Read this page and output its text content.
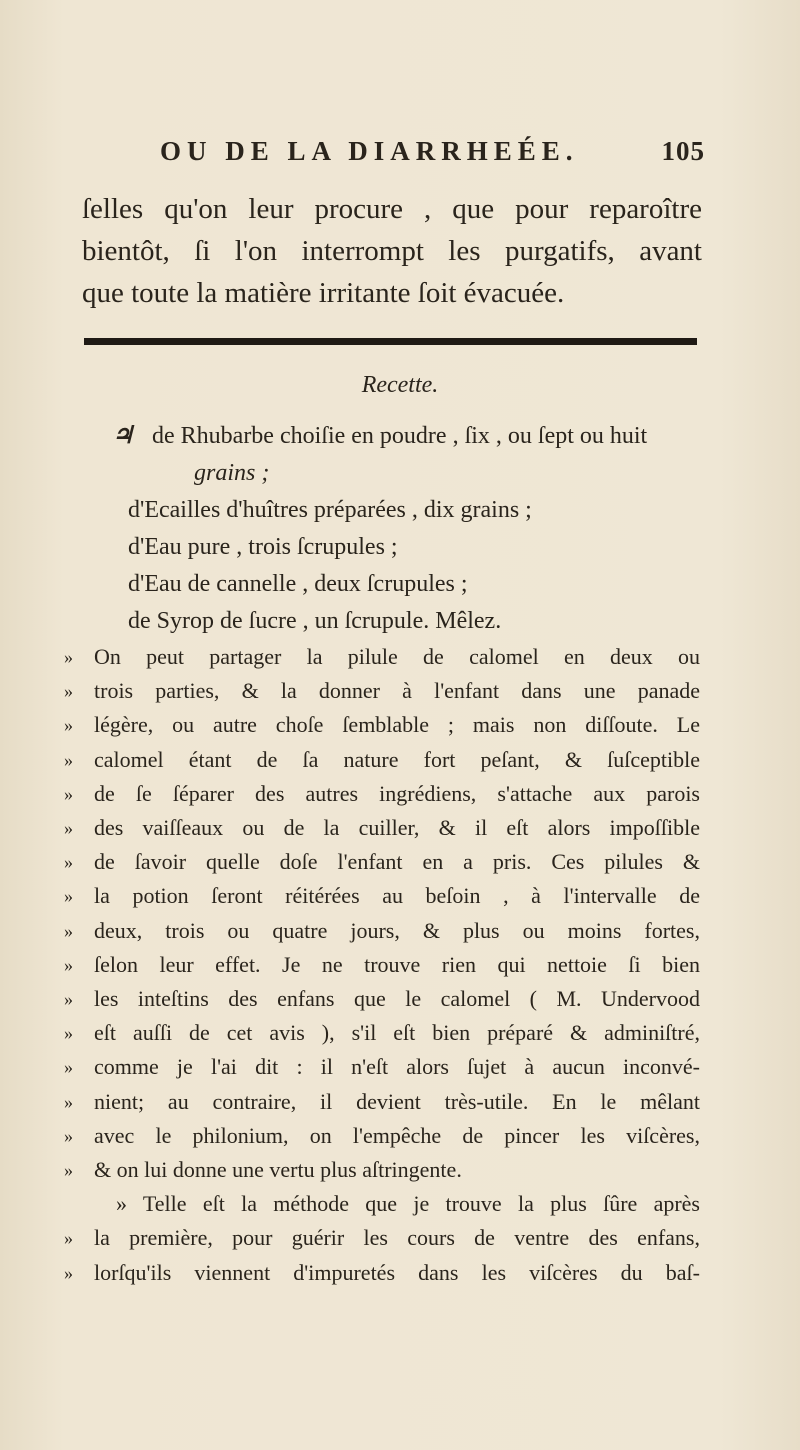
OU DE LA DIARRHEÉE.	105
ſelles qu'on leur procure , que pour reparoître
bientôt, ſi l'on interrompt les purgatifs, avant
que toute la matière irritante ſoit évacuée.
Recette.
♃ de Rhubarbe choiſie en poudre , ſix , ou ſept ou huit
grains ;
d'Ecailles d'huîtres préparées , dix grains ;
d'Eau pure , trois ſcrupules ;
d'Eau de cannelle , deux ſcrupules ;
de Syrop de ſucre , un ſcrupule. Mêlez.
» On peut partager la pilule de calomel en deux ou
» trois parties, & la donner à l'enfant dans une panade
» légère, ou autre choſe ſemblable ; mais non diſſoute. Le
» calomel étant de ſa nature fort peſant, & ſuſceptible
» de ſe ſéparer des autres ingrédiens, s'attache aux parois
» des vaiſſeaux ou de la cuiller, & il eſt alors impoſſible
» de ſavoir quelle doſe l'enfant en a pris. Ces pilules &
» la potion ſeront réitérées au beſoin , à l'intervalle de
» deux, trois ou quatre jours, & plus ou moins fortes,
» ſelon leur effet. Je ne trouve rien qui nettoie ſi bien
» les inteſtins des enfans que le calomel ( M. Undervood
» eſt auſſi de cet avis ), s'il eſt bien préparé & adminiſtré,
» comme je l'ai dit : il n'eſt alors ſujet à aucun inconvé-
» nient; au contraire, il devient très-utile. En le mêlant
» avec le philonium, on l'empêche de pincer les viſcères,
» & on lui donne une vertu plus aſtringente.
» Telle eſt la méthode que je trouve la plus ſûre après
» la première, pour guérir les cours de ventre des enfans,
» lorſqu'ils viennent d'impuretés dans les viſcères du baſ-
